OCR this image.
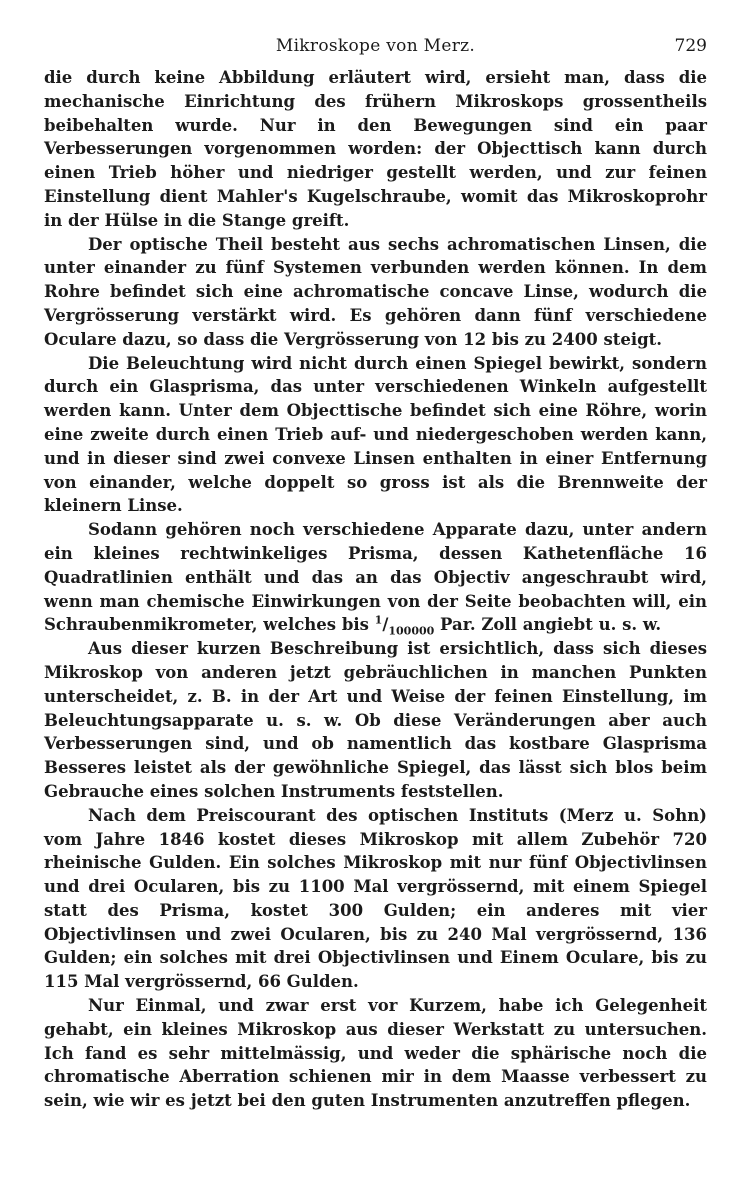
Mikroskope von Merz.	729

die durch keine Abbildung erläutert wird, ersieht man, dass die mechanische Einrichtung des frühern Mikroskops grossentheils beibehalten wurde. Nur in den Bewegungen sind ein paar Verbesserungen vorgenommen worden: der Objecttisch kann durch einen Trieb höher und niedriger gestellt werden, und zur feinen Einstellung dient Mahler's Kugelschraube, womit das Mikroskoprohr in der Hülse in die Stange greift.

Der optische Theil besteht aus sechs achromatischen Linsen, die unter einander zu fünf Systemen verbunden werden können. In dem Rohre befindet sich eine achromatische concave Linse, wodurch die Vergrösserung verstärkt wird. Es gehören dann fünf verschiedene Oculare dazu, so dass die Vergrösserung von 12 bis zu 2400 steigt.

Die Beleuchtung wird nicht durch einen Spiegel bewirkt, sondern durch ein Glasprisma, das unter verschiedenen Winkeln aufgestellt werden kann. Unter dem Objecttische befindet sich eine Röhre, worin eine zweite durch einen Trieb auf- und niedergeschoben werden kann, und in dieser sind zwei convexe Linsen enthalten in einer Entfernung von einander, welche doppelt so gross ist als die Brennweite der kleinern Linse.

Sodann gehören noch verschiedene Apparate dazu, unter andern ein kleines rechtwinkeliges Prisma, dessen Kathetenfläche 16 Quadratlinien enthält und das an das Objectiv angeschraubt wird, wenn man chemische Einwirkungen von der Seite beobachten will, ein Schraubenmikrometer, welches bis $^1/_{100000}$ Par. Zoll angiebt u. s. w.

Aus dieser kurzen Beschreibung ist ersichtlich, dass sich dieses Mikroskop von anderen jetzt gebräuchlichen in manchen Punkten unterscheidet, z. B. in der Art und Weise der feinen Einstellung, im Beleuchtungsapparate u. s. w. Ob diese Veränderungen aber auch Verbesserungen sind, und ob namentlich das kostbare Glasprisma Besseres leistet als der gewöhnliche Spiegel, das lässt sich blos beim Gebrauche eines solchen Instruments feststellen.

Nach dem Preiscourant des optischen Instituts (Merz u. Sohn) vom Jahre 1846 kostet dieses Mikroskop mit allem Zubehör 720 rheinische Gulden. Ein solches Mikroskop mit nur fünf Objectivlinsen und drei Ocularen, bis zu 1100 Mal vergrössernd, mit einem Spiegel statt des Prisma, kostet 300 Gulden; ein anderes mit vier Objectivlinsen und zwei Ocularen, bis zu 240 Mal vergrössernd, 136 Gulden; ein solches mit drei Objectivlinsen und Einem Oculare, bis zu 115 Mal vergrössernd, 66 Gulden.

Nur Einmal, und zwar erst vor Kurzem, habe ich Gelegenheit gehabt, ein kleines Mikroskop aus dieser Werkstatt zu untersuchen. Ich fand es sehr mittelmässig, und weder die sphärische noch die chromatische Aberration schienen mir in dem Maasse verbessert zu sein, wie wir es jetzt bei den guten Instrumenten anzutreffen pflegen.
